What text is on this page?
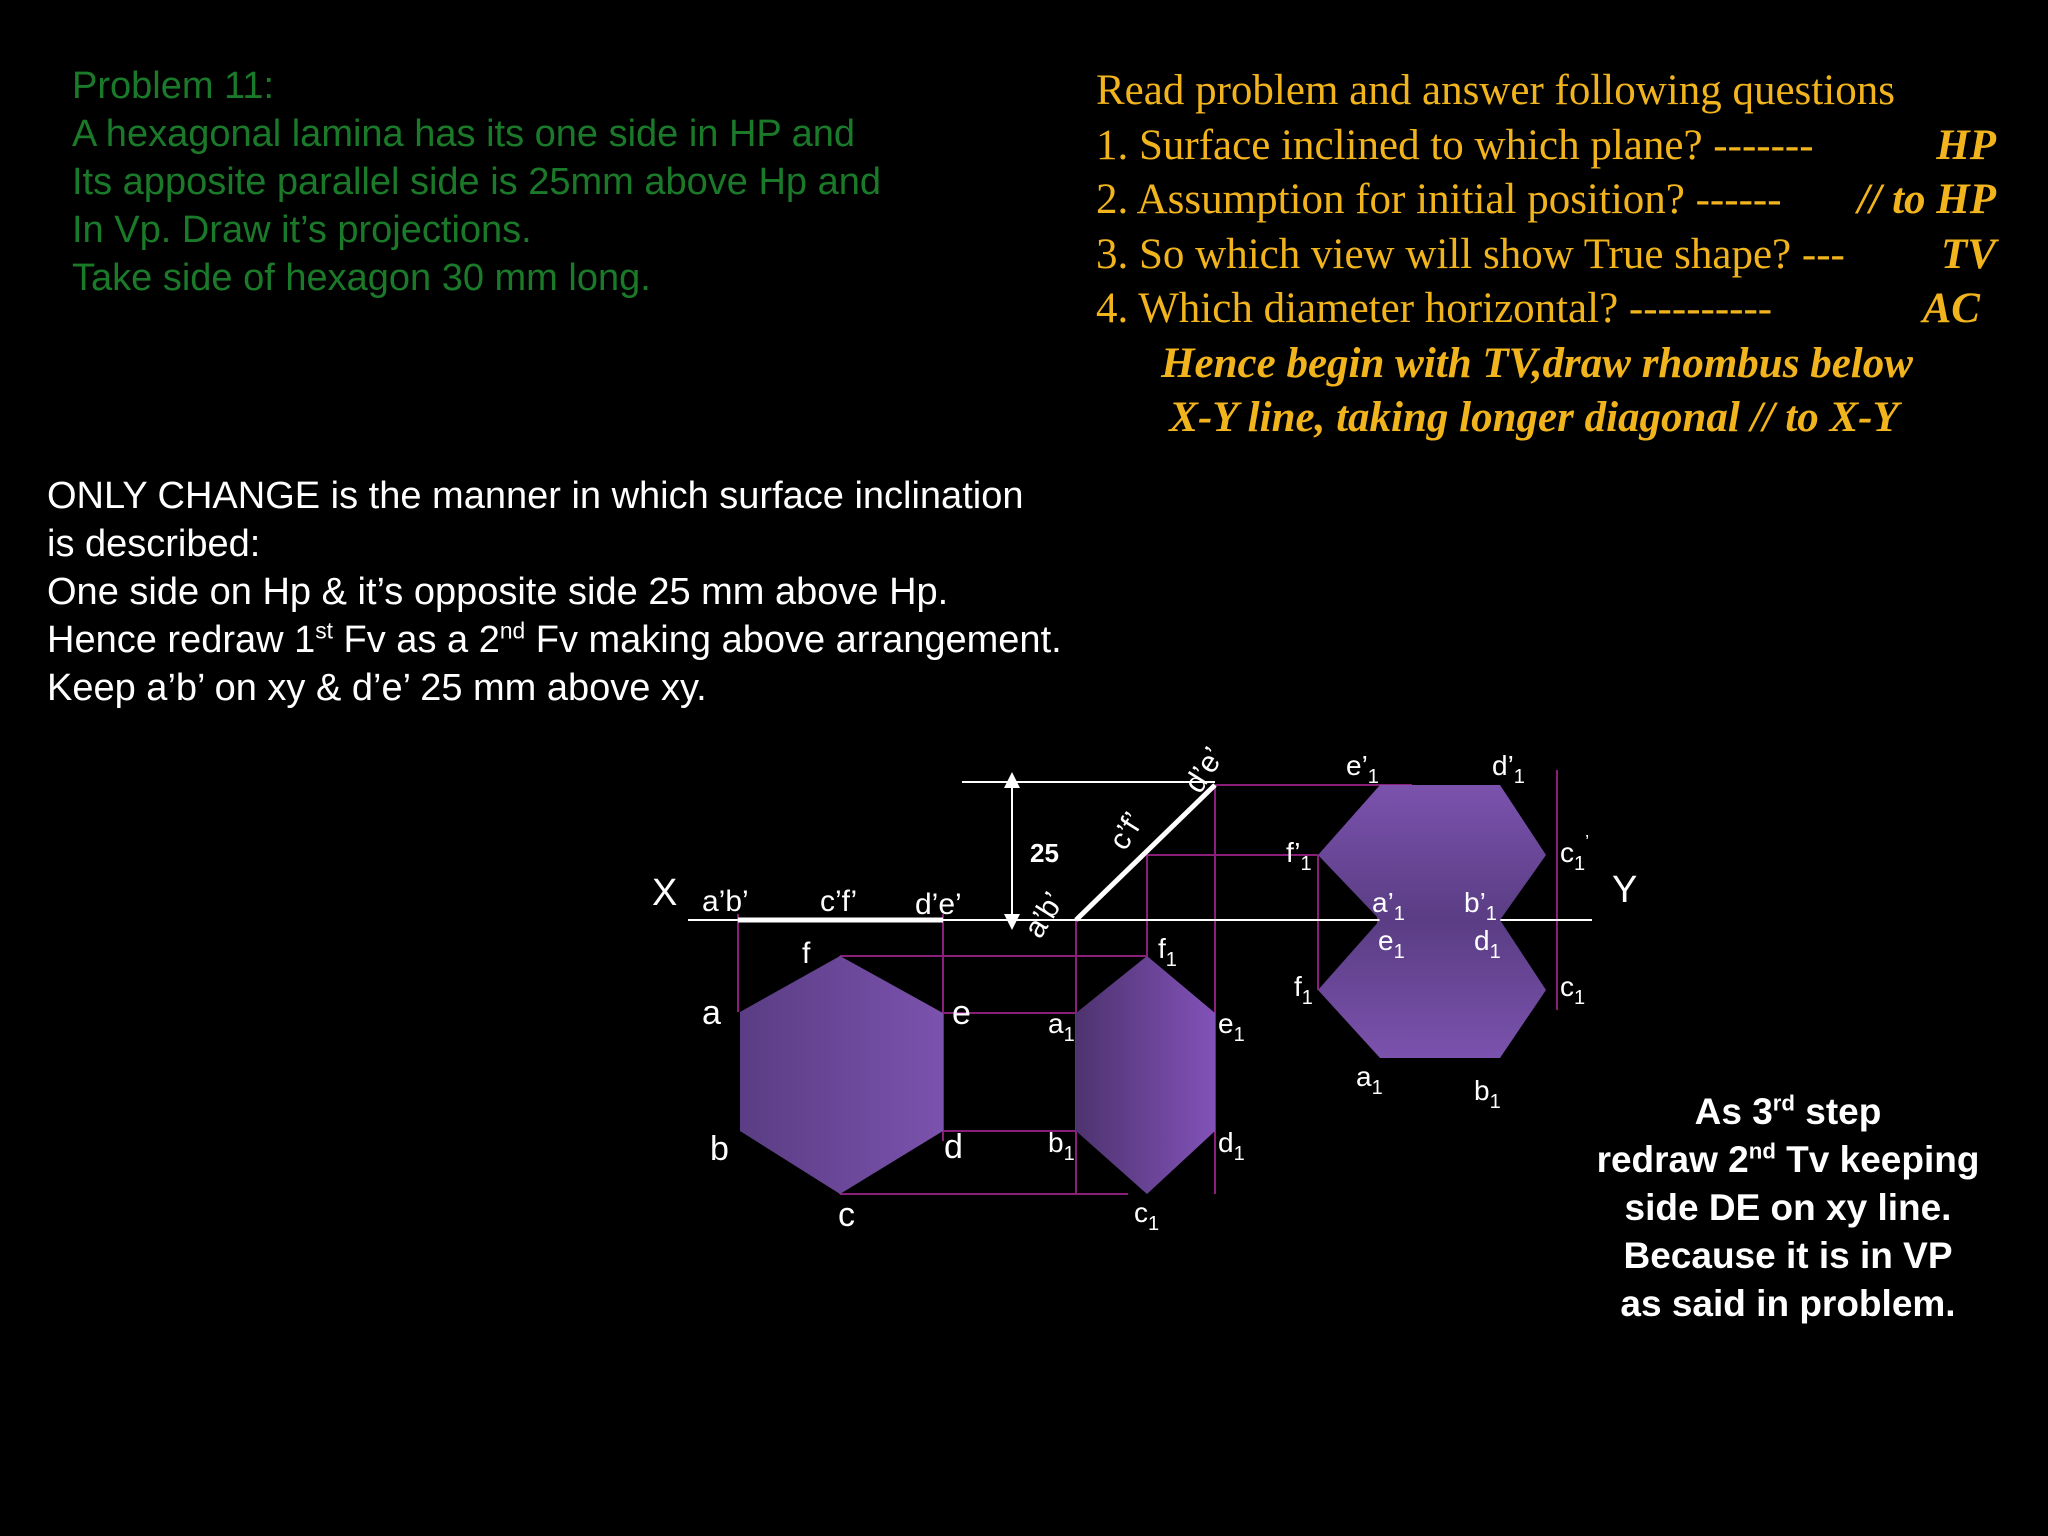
Problem 11:
A hexagonal lamina has its one side in HP and
Its apposite parallel side is 25mm above Hp and
In Vp. Draw it’s projections.
Take side of hexagon 30 mm long.
Read problem and answer following questions
1. Surface inclined to which plane? -------	HP
2. Assumption for initial position? ------ // to HP
3. So which view will show True shape? --- TV
4. Which diameter horizontal? ----------	AC
Hence begin with TV,draw rhombus below
X-Y line, taking longer diagonal // to X-Y
ONLY CHANGE is the manner in which surface inclination
is described:
One side on Hp & it’s opposite side 25 mm above Hp.
Hence redraw 1st Fv as a 2nd Fv making above arrangement.
Keep a’b’ on xy & d’e’ 25 mm above xy.
As 3rd step
redraw 2nd Tv keeping
side DE on xy line.
Because it is in VP
as said in problem.
X	Y
25
a’b’ c’f’ d’e’ a’b’
c’f’
d’e’
a
b
c
d
e
f
$a_1$
$b_1$
$c_1$
$d_1$
$e_1$
$f_1$
$e’_1$	$d’_1$
$f’_1$	$c_1^’$
$a’_1$ $b’_1$
$e_1$ $d_1$
$f_1$	$c_1$
$a_1$	$b_1$
